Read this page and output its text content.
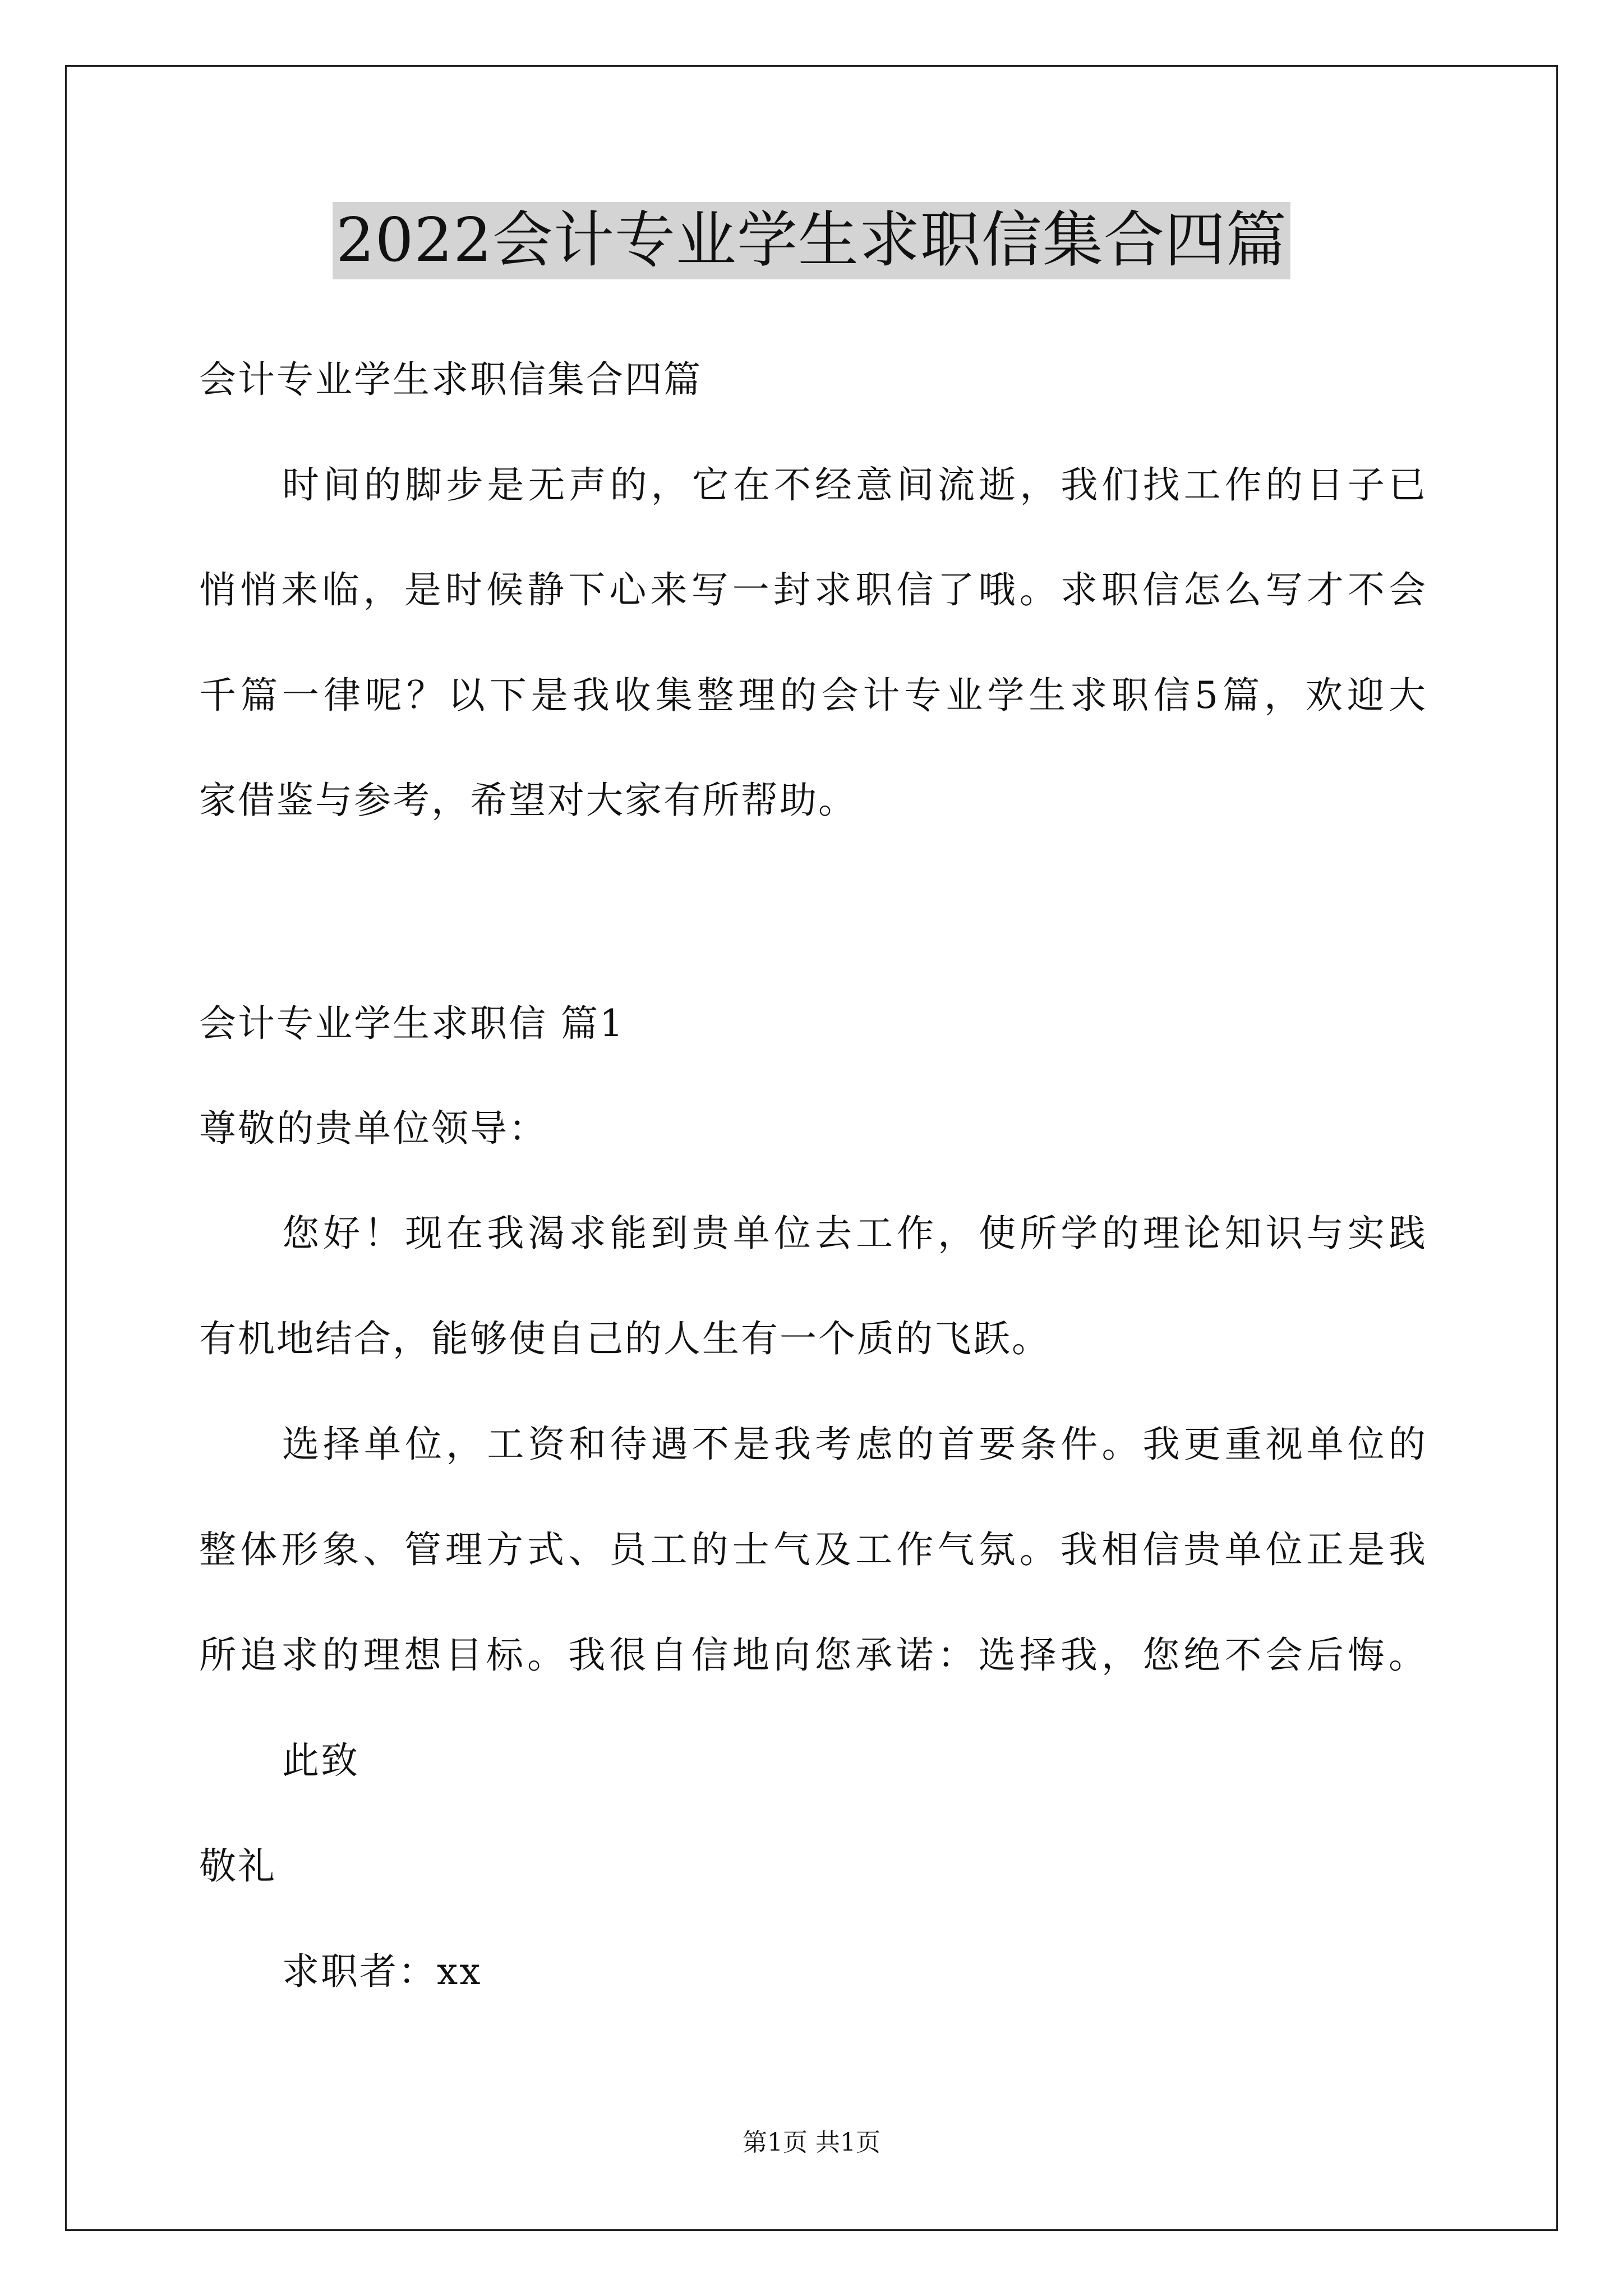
2022会计专业学生求职信集合四篇
会计专业学生求职信集合四篇
时间的脚步是无声的，它在不经意间流逝，我们找工作的日子已
悄悄来临，是时候静下心来写一封求职信了哦。求职信怎么写才不会
千篇一律呢？以下是我收集整理的会计专业学生求职信5篇，欢迎大
家借鉴与参考，希望对大家有所帮助。
会计专业学生求职信 篇1
尊敬的贵单位领导：
您好！现在我渴求能到贵单位去工作，使所学的理论知识与实践
有机地结合，能够使自己的人生有一个质的飞跃。
选择单位，工资和待遇不是我考虑的首要条件。我更重视单位的
整体形象、管理方式、员工的士气及工作气氛。我相信贵单位正是我
所追求的理想目标。我很自信地向您承诺：选择我，您绝不会后悔。
此致
敬礼
求职者：xx
第1页 共1页
